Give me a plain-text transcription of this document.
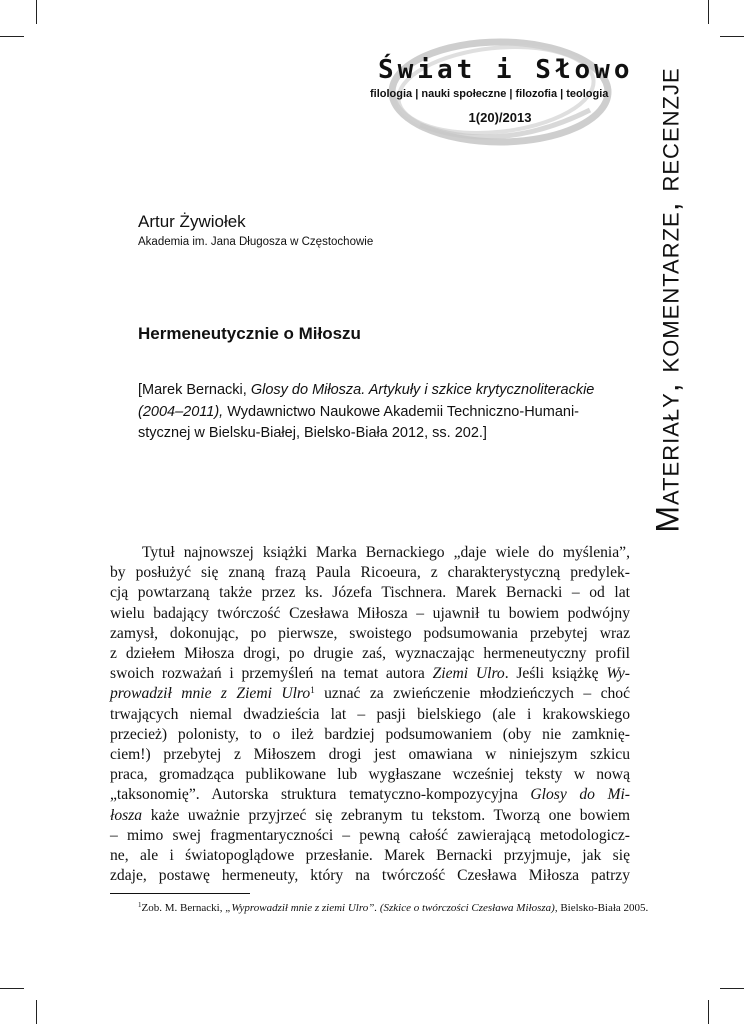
Świat i Słowo
filologia | nauki społeczne | filozofia | teologia
1(20)/2013	Materiały, komentarze, recenzje
Artur Żywiołek
Akademia im. Jana Długosza w Częstochowie
Hermeneutycznie o Miłoszu
[Marek Bernacki, Glosy do Miłosza. Artykuły i szkice krytycznoliterackie
(2004–2011), Wydawnictwo Naukowe Akademii Techniczno-Humani-
stycznej w Bielsku-Białej, Bielsko-Biała 2012, ss. 202.]
Tytuł najnowszej książki Marka Bernackiego „daje wiele do myślenia”,
by posłużyć się znaną frazą Paula Ricoeura, z charakterystyczną predylek-
cją powtarzaną także przez ks. Józefa Tischnera. Marek Bernacki – od lat
wielu badający twórczość Czesława Miłosza – ujawnił tu bowiem podwójny
zamysł, dokonując, po pierwsze, swoistego podsumowania przebytej wraz
z dziełem Miłosza drogi, po drugie zaś, wyznaczając hermeneutyczny profil
swoich rozważań i przemyśleń na temat autora Ziemi Ulro. Jeśli książkę Wy-
prowadził mnie z Ziemi Ulro$^1$ uznać za zwieńczenie młodzieńczych – choć
trwających niemal dwadzieścia lat – pasji bielskiego (ale i krakowskiego
przecież) polonisty, to o ileż bardziej podsumowaniem (oby nie zamknię-
ciem!) przebytej z Miłoszem drogi jest omawiana w niniejszym szkicu
praca, gromadząca publikowane lub wygłaszane wcześniej teksty w nową
„taksonomię”. Autorska struktura tematyczno-kompozycyjna Glosy do Mi-
łosza każe uważnie przyjrzeć się zebranym tu tekstom. Tworzą one bowiem
– mimo swej fragmentaryczności – pewną całość zawierającą metodologicz-
ne, ale i światopoglądowe przesłanie. Marek Bernacki przyjmuje, jak się
zdaje, postawę hermeneuty, który na twórczość Czesława Miłosza patrzy
$^1$Zob. M. Bernacki, „Wyprowadził mnie z ziemi Ulro”. (Szkice o twórczości Czesława Miłosza), Bielsko-Biała 2005.
